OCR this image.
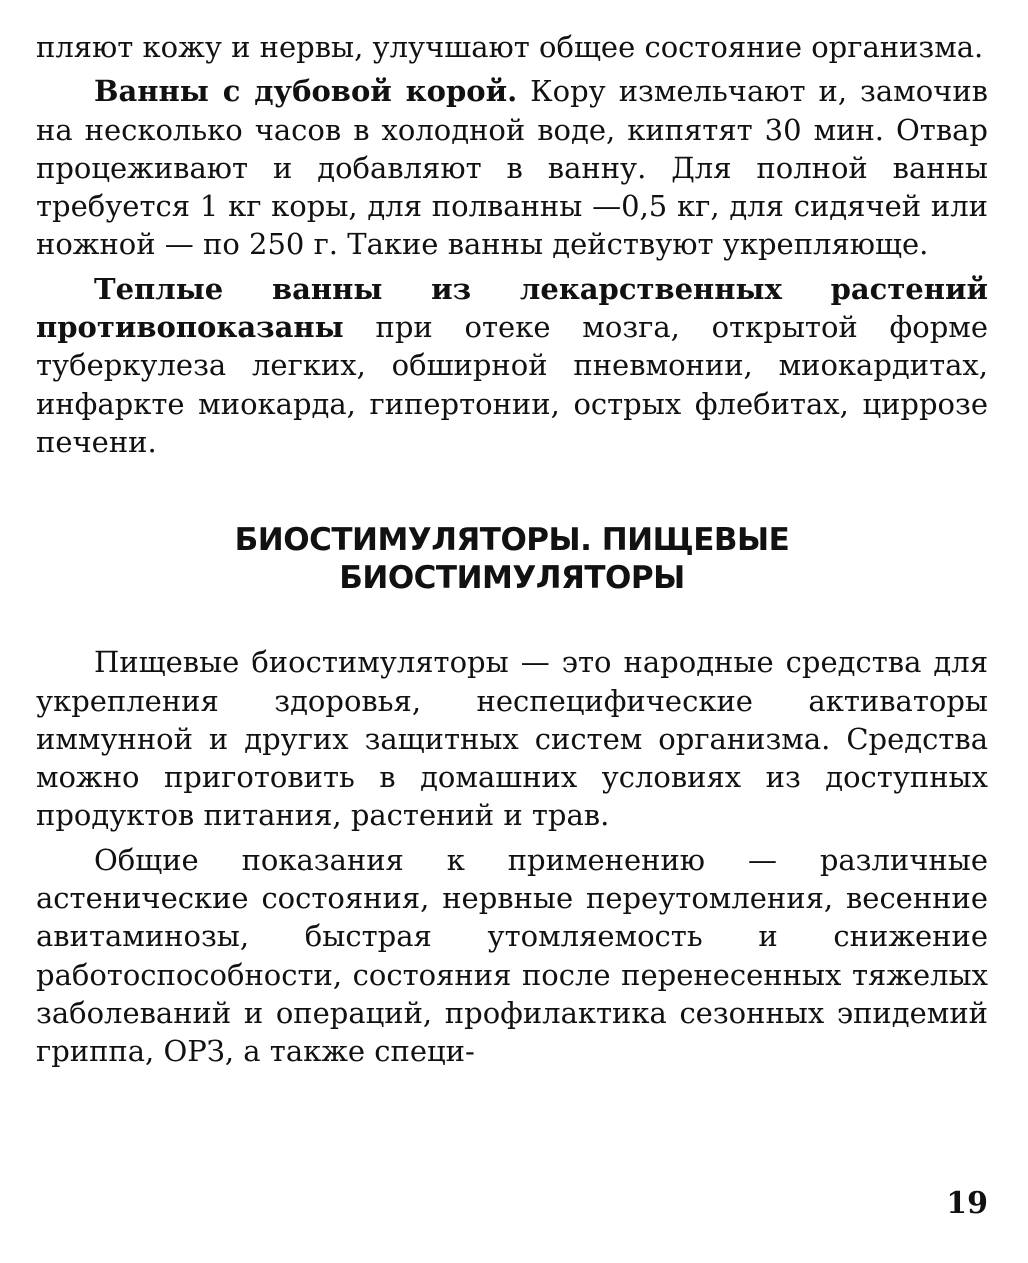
пляют кожу и нервы, улучшают общее состояние организма.

Ванны с дубовой корой. Кору измельчают и, замочив на несколько часов в холодной воде, кипятят 30 мин. Отвар процеживают и добавляют в ванну. Для полной ванны требуется 1 кг коры, для полванны —0,5 кг, для сидячей или ножной — по 250 г. Такие ванны действуют укрепляюще.

Теплые ванны из лекарственных растений противопоказаны при отеке мозга, открытой форме туберкулеза легких, обширной пневмонии, миокардитах, инфаркте миокарда, гипертонии, острых флебитах, циррозе печени.

БИОСТИМУЛЯТОРЫ. ПИЩЕВЫЕ
БИОСТИМУЛЯТОРЫ

Пищевые биостимуляторы — это народные средства для укрепления здоровья, неспецифические активаторы иммунной и других защитных систем организма. Средства можно приготовить в домашних условиях из доступных продуктов питания, растений и трав.

Общие показания к применению — различные астенические состояния, нервные переутомления, весенние авитаминозы, быстрая утомляемость и снижение работоспособности, состояния после перенесенных тяжелых заболеваний и операций, профилактика сезонных эпидемий гриппа, ОРЗ, а также специ-

19
